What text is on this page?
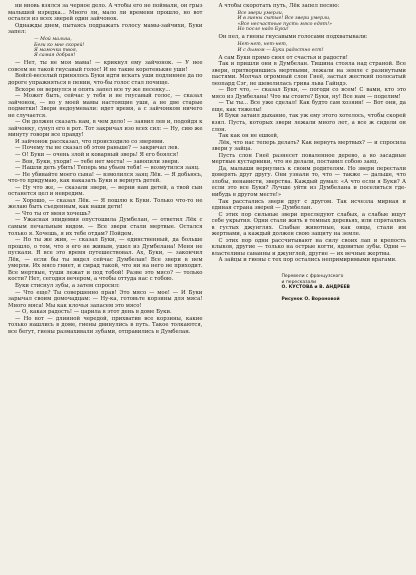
ни вновь взялся за черное дело. А чтобы его не поймали, он грыз малышей изредка... Много ли, мало ли времени прошло, но вот остался из всех зверей один зайчонок.

Однажды днем, пытаясь подражать голосу мамы-зайчихи, Буки запел:

— Мой малыш,
Беги ко мне скорей!
Я мамочка твоя,
Я самая добрая!

— Нет, ты не моя мама! — крикнул ему зайчонок. — У нее совсем не такой гнусавый голос! И не такие коротенькие уши!

Войсё-веселый принялось Буки идти искать уши подлиннее да по дороге упражняться в пении, что-бы голос стал почище.

Вскоре он вернулся и опять запел все ту же песенку...

— Может быть, сейчас у тебя и не гнусавый голос, — сказал зайчонок, — но у моей мамы настоящие уши, а не две старые подметки! Звери недоумевали: идет время, а с зайчонком ничего не случается.

— Он должен сказать нам, в чем дело! — заявил лев и, подойдя к зайчонку, сунул его в рот. Тот закричал изо всех сил: — Ну, сию же минуту говори все правду!

И зайчонок рассказал, что происходило со зверями.

— Почему ты не сказал об этом раньше? — закричал лев.

— О! Буки — очень злой и коварный зверь! Я его боялся!

— Вон, Буки, уходи! — тебе нет места! — завопили звери.

— Нашли деть убить! Теперь мы убьем тебя! — возмутился заяц.

— Не убивайте моего сына! — взмолился заяц Лёк. — Я добьюсь, что-то придумаю, как наказать Буки и вернуть детей.

— Ну что же, — сказали звери, — верни нам детей, а твой сын останется цел и невредим.

— Хорошо, — сказал Лёк. — Я пошлю к Буки. Только что-то не желаю быть съеденным, как наши дети!

— Что ты от меня хочешь?

— Ужасная эпидемия опустошила Думбелан, — ответил Лёк с самым печальным видом. — Все звери стали мертвые. Остался только я. Хочешь, я их тебе отдам? Пойдем.

— Но ты же жив, — сказал Буки, — единственный, да больше прошло, о том, что я его не живым, ушел из Думбелана! Меня не пускали. Я все это время путешествовал. Ах, Буки, — закончил Лёк, — если бы ты видел сейчас Думбелан! Все звери в нем умерли. Их мясо гниет, и смрад такой, что ни на него не приходит. Все мертвые, туши лежат и под тобой! Разве это мясо? — только кости? Нет, сегодня вечером, а чтобы оттуда нас с тобою.

Буки стиснул зубы, а затем спросил:

— Что еще? Ты совершенно прав! Это мясо — мое! — И Буки зарычал своим домочадцам: — Ну-ка, готовьте корзины для мяса! Много мяса! Мы как клочья запасем это мясо!

— О, какая радость! — царила в этот день в доме Буки.

— Но вот — длинной чередой, прихватив все корзины, какие только нашлись в доме, гиены двинулись в путь. Такое толкаются, все бегут, гиены размахивали зубами, отправились в Думбелан.

А чтобы скоротать путь, Лёк запел песню:

Все звери умерли,
И в гиены сытые! Все звери умерли,
«Все несчастные пусть мясо едят!»
Но после надо Буки!

Он пел, а гиены гнусавыми голосами подхватывали:

Нет-нет, нет-нет,
И с дымом — Буки радостно ест!

А сам Буки прямо сиял от счастья и радости!

Так и пришли они в Думбелан. Тишина стояла над страной. Все звери, притворившись мертвыми, лежали на земле с разинутыми пастями. Молчал огромный слон Гнеё, застыл жесткий полосатый леопард Сэг, не шевелилась грива льва Гайндэ.

— Вот что, — сказал Буки, — погоди со всем! С вами, кто это мясо из Думбелана! Что вы стоите? Буки, ну! Все нам — поделим!

— Ты ты... Все уже сделал! Как будто сам хозяин! — Вот они, да еще, как тяжелы!

И Буки затаил дыхание, так уж ему этого хотелось, чтобы скорей взял. Пусть, которых звери лежали много лет, а все ж сидели он слон.

Так как он не ешкей,

Лёк, что нас теперь делать? Как вернуть мертвых? — и спросила звери у зайца.

Пусть слон Гнеё разнесет поваленное дерево, а во засадные мертвые кустарники, что не делали, поставил собою заяц.

Да, малыши вернулись к своим родителям. Но звери перестали доверять друг другу. Они узнали то, что — также — дальше, что злобы, ненависти, зверства. Каждый думал: «А что если я Буки? А если это все Буки? Лучше уйти из Думбелана и поселиться где-нибудь в другом месте!»

Так расстались звери друг с другом. Так исчезла мирная и единая страна зверей — Думбелан.

С этих пор сильные звери преследуют слабых, а слабые ищут себе укрытия. Одни стали жить в темных деревьях, или спрятались в густых джунглях. Слабые животные, как овцы, стали им жертвами, а каждый должен свою защиту на земле.

С этих пор одни рассчитывают на силу своих лап и крепость клыков, другие — только на острые когти, ядовитые зубы. Одни — властелины саванны и джунглей, другие — их вечные жертвы.

А зайцы и гиены с тех пор остались непримиримыми врагами.

Перевели с французского
и пересказали
О. КУСТОВА и В. АНДРЕЕВ
Рисунок О. Вороновой
